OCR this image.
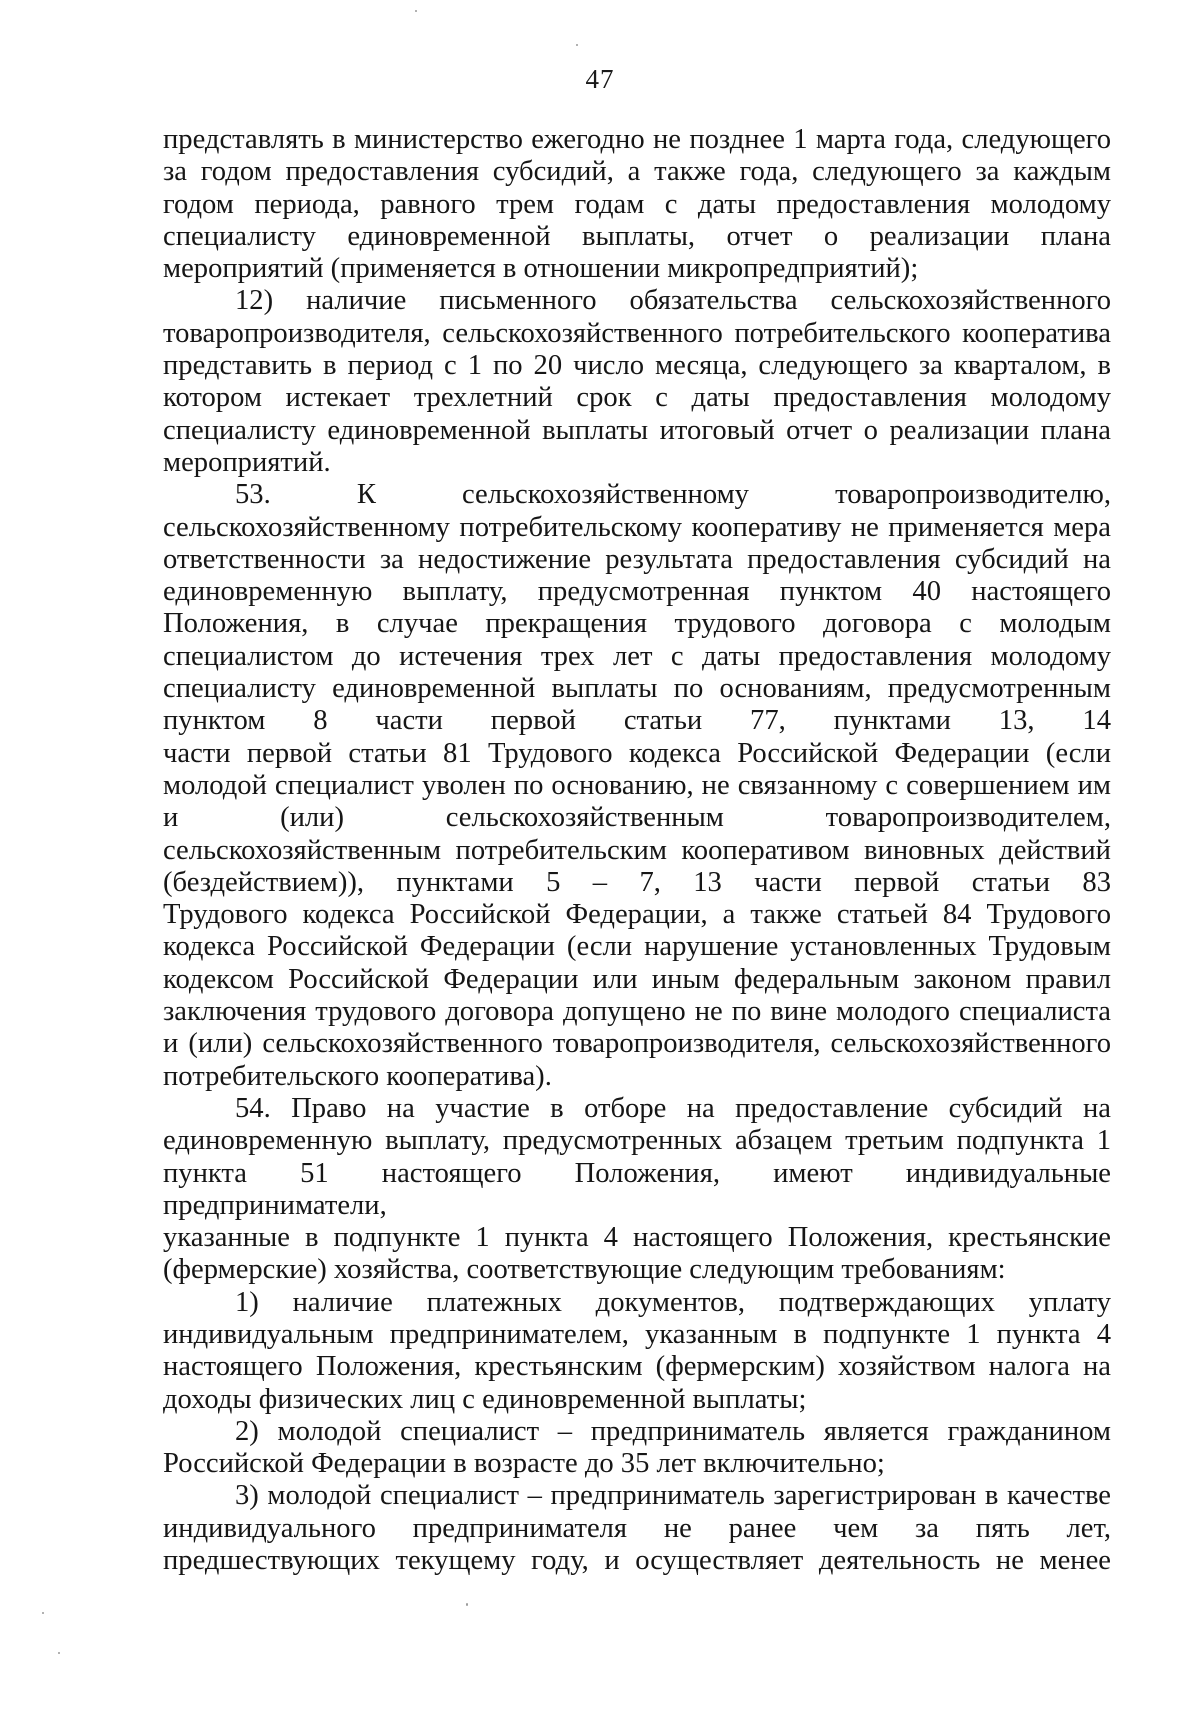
47
представлять в министерство ежегодно не позднее 1 марта года, следующего
за годом предоставления субсидий, а также года, следующего за каждым
годом периода, равного трем годам с даты предоставления молодому
специалисту единовременной выплаты, отчет о реализации плана
мероприятий (применяется в отношении микропредприятий);
12) наличие письменного обязательства сельскохозяйственного
товаропроизводителя, сельскохозяйственного потребительского кооператива
представить в период с 1 по 20 число месяца, следующего за кварталом, в
котором истекает трехлетний срок с даты предоставления молодому
специалисту единовременной выплаты итоговый отчет о реализации плана
мероприятий.
53. К сельскохозяйственному товаропроизводителю,
сельскохозяйственному потребительскому кооперативу не применяется мера
ответственности за недостижение результата предоставления субсидий на
единовременную выплату, предусмотренная пунктом 40 настоящего
Положения, в случае прекращения трудового договора с молодым
специалистом до истечения трех лет с даты предоставления молодому
специалисту единовременной выплаты по основаниям, предусмотренным
пунктом 8 части первой статьи 77, пунктами 13, 14
части первой статьи 81 Трудового кодекса Российской Федерации (если
молодой специалист уволен по основанию, не связанному с совершением им
и (или) сельскохозяйственным товаропроизводителем,
сельскохозяйственным потребительским кооперативом виновных действий
(бездействием)), пунктами 5 – 7, 13 части первой статьи 83
Трудового кодекса Российской Федерации, а также статьей 84 Трудового
кодекса Российской Федерации (если нарушение установленных Трудовым
кодексом Российской Федерации или иным федеральным законом правил
заключения трудового договора допущено не по вине молодого специалиста
и (или) сельскохозяйственного товаропроизводителя, сельскохозяйственного
потребительского кооператива).
54. Право на участие в отборе на предоставление субсидий на
единовременную выплату, предусмотренных абзацем третьим подпункта 1
пункта 51 настоящего Положения, имеют индивидуальные предприниматели,
указанные в подпункте 1 пункта 4 настоящего Положения, крестьянские
(фермерские) хозяйства, соответствующие следующим требованиям:
1) наличие платежных документов, подтверждающих уплату
индивидуальным предпринимателем, указанным в подпункте 1 пункта 4
настоящего Положения, крестьянским (фермерским) хозяйством налога на
доходы физических лиц с единовременной выплаты;
2) молодой специалист – предприниматель является гражданином
Российской Федерации в возрасте до 35 лет включительно;
3) молодой специалист – предприниматель зарегистрирован в качестве
индивидуального предпринимателя не ранее чем за пять лет,
предшествующих текущему году, и осуществляет деятельность не менее
